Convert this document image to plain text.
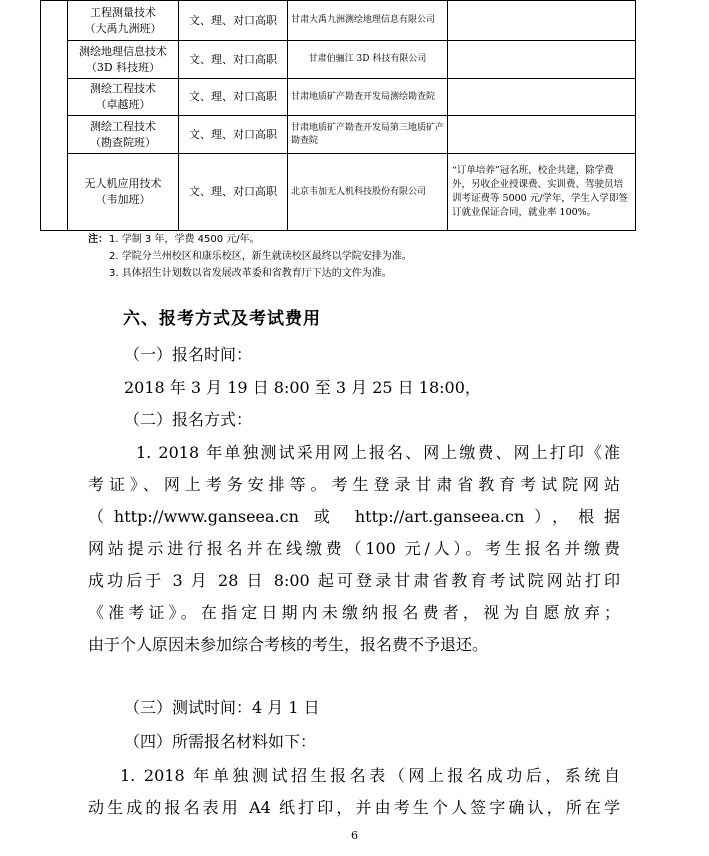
	工程测量技术
（大禹九洲班）	文、理、对口高职	甘肃大禹九洲测绘地理信息有限公司	

	测绘地理信息技术
（3D 科技班）	文、理、对口高职	甘肃伯骊江 3D 科技有限公司	

	测绘工程技术
（卓越班）	文、理、对口高职	甘肃地质矿产勘查开发局测绘勘查院	

	测绘工程技术
（勘查院班）	文、理、对口高职	甘肃地质矿产勘查开发局第三地质矿产勘查院	

	无人机应用技术
（韦加班）	文、理、对口高职	北京韦加无人机科技股份有限公司	“订单培养”冠名班，校企共建，除学费外，另收企业授课费、实训费、驾驶员培训考证费等 5000 元/学年，学生入学即签订就业保证合同，就业率 100%。
注： 1. 学制 3 年，学费 4500 元/年。
2. 学院分兰州校区和康乐校区，新生就读校区最终以学院安排为准。
3. 具体招生计划数以省发展改革委和省教育厅下达的文件为准。
六、报考方式及考试费用
（一）报名时间：
2018 年 3 月 19 日 8:00 至 3 月 25 日 18:00，
（二）报名方式：
1. 2018 年单独测试采用网上报名、网上缴费、网上打印《准
考证》、网上考务安排等。考生登录甘肃省教育考试院网站
（http://www.ganseea.cn 或 http://art.ganseea.cn），根据
网站提示进行报名并在线缴费（100 元/人）。考生报名并缴费
成功后于 3 月 28 日 8:00 起可登录甘肃省教育考试院网站打印
《准考证》。在指定日期内未缴纳报名费者，视为自愿放弃；
由于个人原因未参加综合考核的考生，报名费不予退还。
（三）测试时间：4 月 1 日
（四）所需报名材料如下：
1. 2018 年单独测试招生报名表（网上报名成功后，系统自
动生成的报名表用 A4 纸打印，并由考生个人签字确认，所在学
6
